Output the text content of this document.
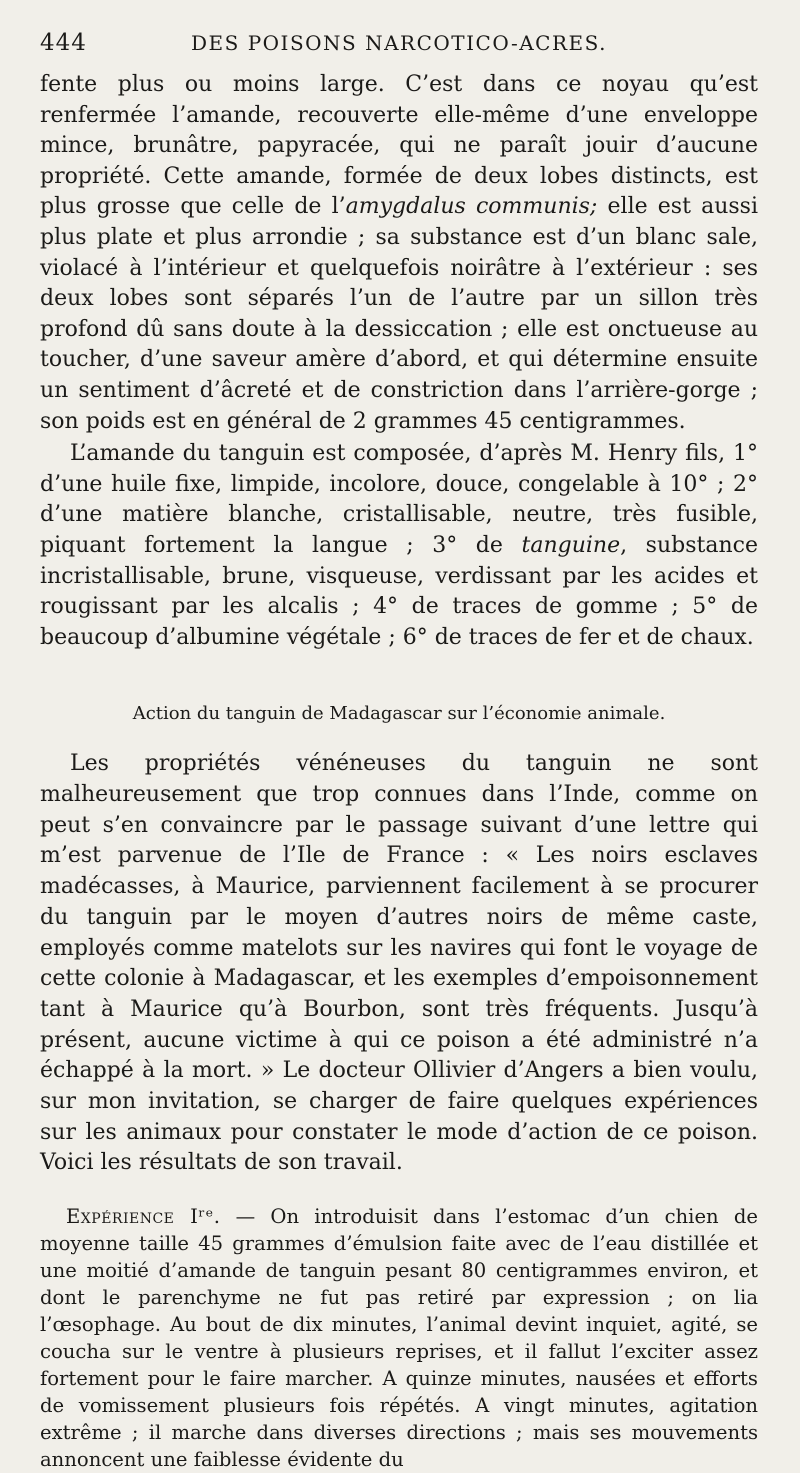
444	DES POISONS NARCOTICO-ACRES.

fente plus ou moins large. C’est dans ce noyau qu’est renfermée l’amande, recouverte elle-même d’une enveloppe mince, brunâtre, papyracée, qui ne paraît jouir d’aucune propriété. Cette amande, formée de deux lobes distincts, est plus grosse que celle de l’amygdalus communis; elle est aussi plus plate et plus arrondie ; sa substance est d’un blanc sale, violacé à l’intérieur et quelquefois noirâtre à l’extérieur : ses deux lobes sont séparés l’un de l’autre par un sillon très profond dû sans doute à la dessiccation ; elle est onctueuse au toucher, d’une saveur amère d’abord, et qui détermine ensuite un sentiment d’âcreté et de constriction dans l’arrière-gorge ; son poids est en général de 2 grammes 45 centigrammes.

L’amande du tanguin est composée, d’après M. Henry fils, 1° d’une huile fixe, limpide, incolore, douce, congelable à 10° ; 2° d’une matière blanche, cristallisable, neutre, très fusible, piquant fortement la langue ; 3° de tanguine, substance incristallisable, brune, visqueuse, verdissant par les acides et rougissant par les alcalis ; 4° de traces de gomme ; 5° de beaucoup d’albumine végétale ; 6° de traces de fer et de chaux.

Action du tanguin de Madagascar sur l’économie animale.

Les propriétés vénéneuses du tanguin ne sont malheureusement que trop connues dans l’Inde, comme on peut s’en convaincre par le passage suivant d’une lettre qui m’est parvenue de l’Ile de France : « Les noirs esclaves madécasses, à Maurice, parviennent facilement à se procurer du tanguin par le moyen d’autres noirs de même caste, employés comme matelots sur les navires qui font le voyage de cette colonie à Madagascar, et les exemples d’empoisonnement tant à Maurice qu’à Bourbon, sont très fréquents. Jusqu’à présent, aucune victime à qui ce poison a été administré n’a échappé à la mort. » Le docteur Ollivier d’Angers a bien voulu, sur mon invitation, se charger de faire quelques expériences sur les animaux pour constater le mode d’action de ce poison. Voici les résultats de son travail.

Expérience Iʳᵉ. — On introduisit dans l’estomac d’un chien de moyenne taille 45 grammes d’émulsion faite avec de l’eau distillée et une moitié d’amande de tanguin pesant 80 centigrammes environ, et dont le parenchyme ne fut pas retiré par expression ; on lia l’œsophage. Au bout de dix minutes, l’animal devint inquiet, agité, se coucha sur le ventre à plusieurs reprises, et il fallut l’exciter assez fortement pour le faire marcher. A quinze minutes, nausées et efforts de vomissement plusieurs fois répétés. A vingt minutes, agitation extrême ; il marche dans diverses directions ; mais ses mouvements annoncent une faiblesse évidente du
